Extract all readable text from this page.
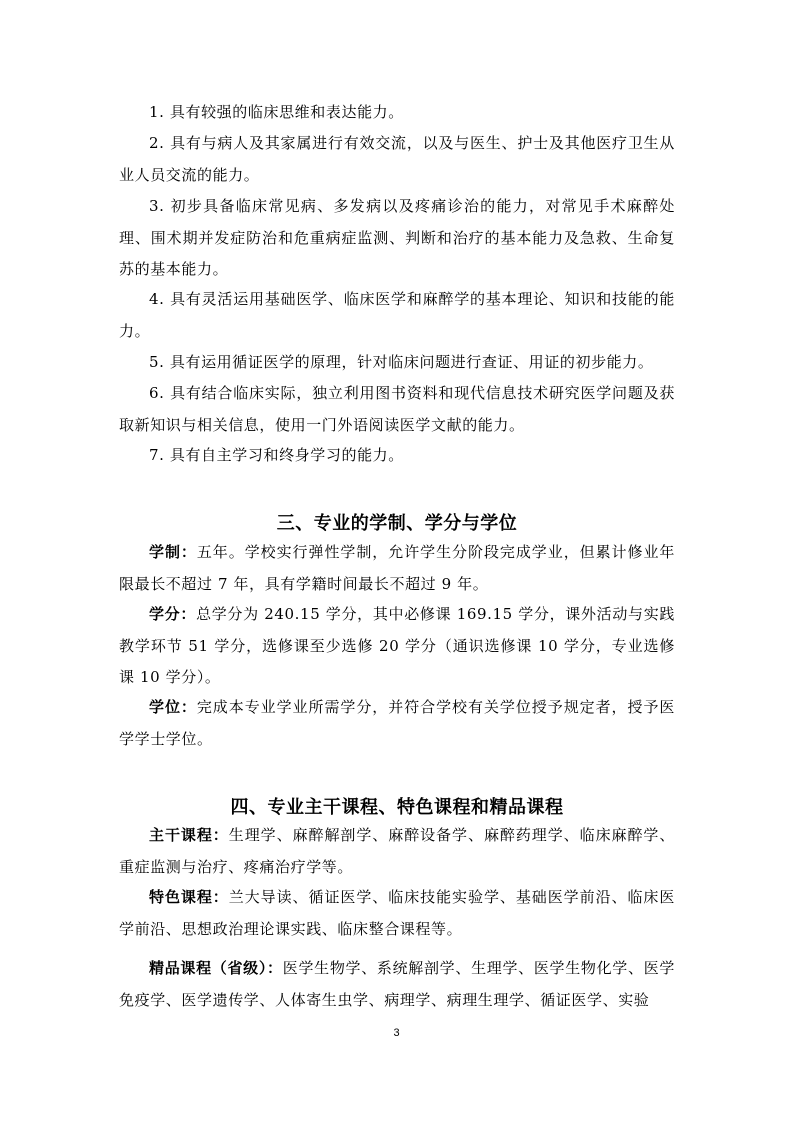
1. 具有较强的临床思维和表达能力。

2. 具有与病人及其家属进行有效交流，以及与医生、护士及其他医疗卫生从业人员交流的能力。

3. 初步具备临床常见病、多发病以及疼痛诊治的能力，对常见手术麻醉处理、围术期并发症防治和危重病症监测、判断和治疗的基本能力及急救、生命复苏的基本能力。

4. 具有灵活运用基础医学、临床医学和麻醉学的基本理论、知识和技能的能力。

5. 具有运用循证医学的原理，针对临床问题进行查证、用证的初步能力。

6. 具有结合临床实际，独立利用图书资料和现代信息技术研究医学问题及获取新知识与相关信息，使用一门外语阅读医学文献的能力。

7. 具有自主学习和终身学习的能力。

三、专业的学制、学分与学位

学制：五年。学校实行弹性学制，允许学生分阶段完成学业，但累计修业年限最长不超过 7 年，具有学籍时间最长不超过 9 年。

学分：总学分为 240.15 学分，其中必修课 169.15 学分，课外活动与实践教学环节 51 学分，选修课至少选修 20 学分（通识选修课 10 学分，专业选修课 10 学分）。

学位：完成本专业学业所需学分，并符合学校有关学位授予规定者，授予医学学士学位。

四、专业主干课程、特色课程和精品课程

主干课程：生理学、麻醉解剖学、麻醉设备学、麻醉药理学、临床麻醉学、重症监测与治疗、疼痛治疗学等。

特色课程：兰大导读、循证医学、临床技能实验学、基础医学前沿、临床医学前沿、思想政治理论课实践、临床整合课程等。

精品课程（省级）：医学生物学、系统解剖学、生理学、医学生物化学、医学免疫学、医学遗传学、人体寄生虫学、病理学、病理生理学、循证医学、实验

3
